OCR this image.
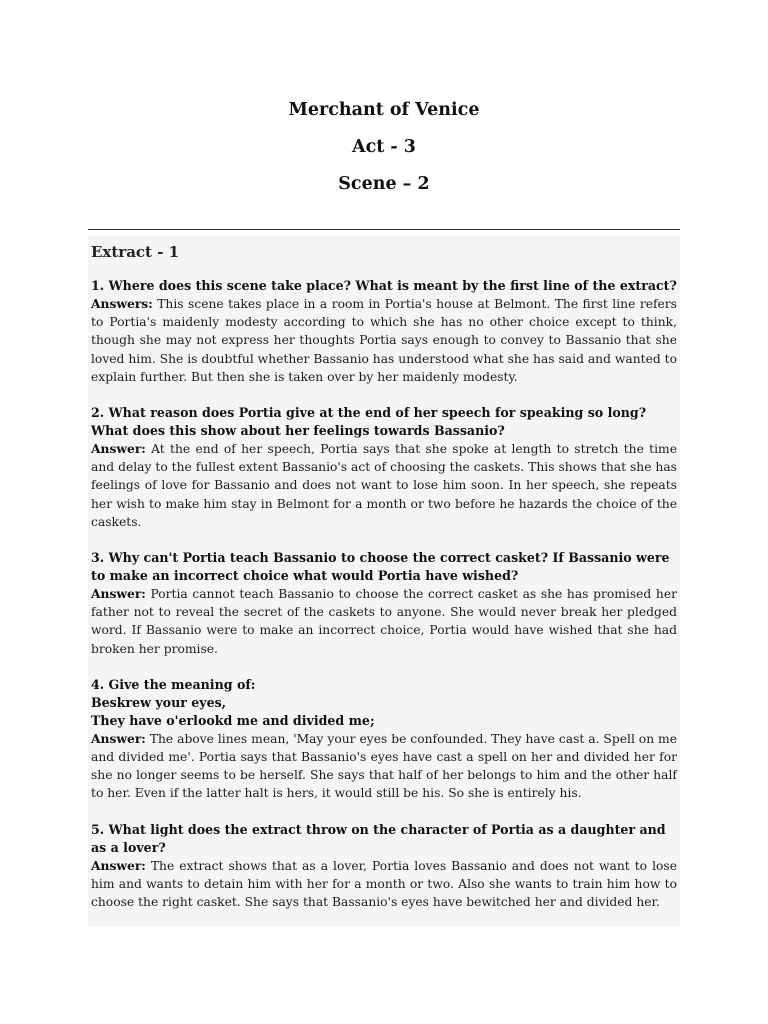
Merchant of Venice
Act - 3
Scene – 2
Extract - 1
1. Where does this scene take place? What is meant by the first line of the extract?
Answers: This scene takes place in a room in Portia's house at Belmont. The first line refers to Portia's maidenly modesty according to which she has no other choice except to think, though she may not express her thoughts Portia says enough to convey to Bassanio that she loved him. She is doubtful whether Bassanio has understood what she has said and wanted to explain further. But then she is taken over by her maidenly modesty.
2. What reason does Portia give at the end of her speech for speaking so long? What does this show about her feelings towards Bassanio?
Answer: At the end of her speech, Portia says that she spoke at length to stretch the time and delay to the fullest extent Bassanio's act of choosing the caskets. This shows that she has feelings of love for Bassanio and does not want to lose him soon. In her speech, she repeats her wish to make him stay in Belmont for a month or two before he hazards the choice of the caskets.
3. Why can't Portia teach Bassanio to choose the correct casket? If Bassanio were to make an incorrect choice what would Portia have wished?
Answer: Portia cannot teach Bassanio to choose the correct casket as she has promised her father not to reveal the secret of the caskets to anyone. She would never break her pledged word. If Bassanio were to make an incorrect choice, Portia would have wished that she had broken her promise.
4. Give the meaning of:
Beskrew your eyes,
They have o'erlookd me and divided me;
Answer: The above lines mean, 'May your eyes be confounded. They have cast a. Spell on me and divided me'. Portia says that Bassanio's eyes have cast a spell on her and divided her for she no longer seems to be herself. She says that half of her belongs to him and the other half to her. Even if the latter halt is hers, it would still be his. So she is entirely his.
5. What light does the extract throw on the character of Portia as a daughter and as a lover?
Answer: The extract shows that as a lover, Portia loves Bassanio and does not want to lose him and wants to detain him with her for a month or two. Also she wants to train him how to choose the right casket. She says that Bassanio's eyes have bewitched her and divided her.
